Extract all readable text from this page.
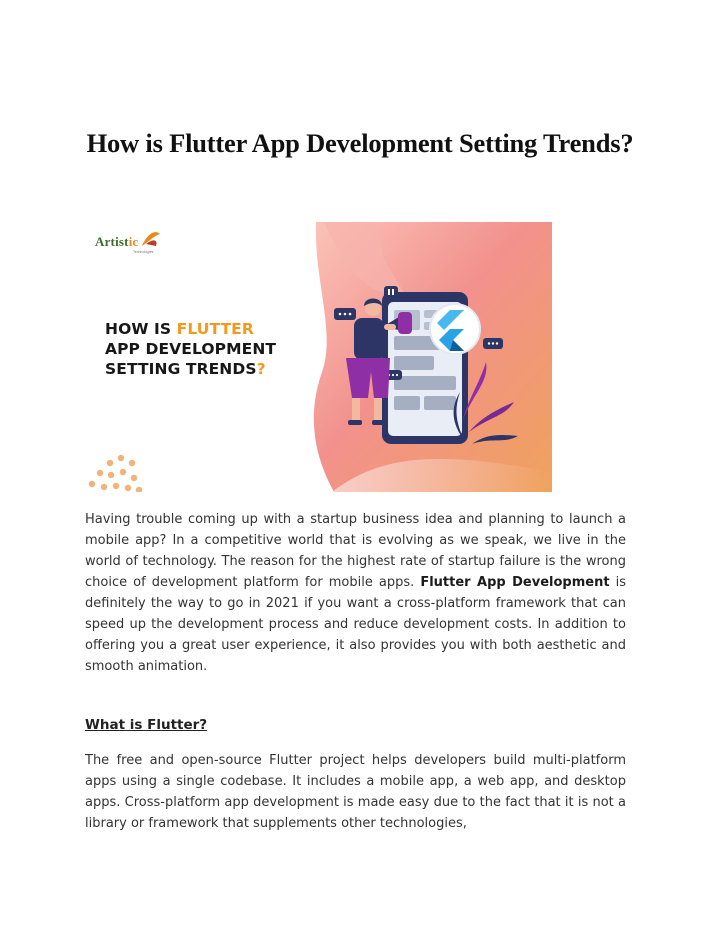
How is Flutter App Development Setting Trends?
Artistic
Technologies
HOW IS FLUTTER
APP DEVELOPMENT
SETTING TRENDS?

Having trouble coming up with a startup business idea and planning to launch a mobile app? In a competitive world that is evolving as we speak, we live in the world of technology. The reason for the highest rate of startup failure is the wrong choice of development platform for mobile apps. Flutter App Development is definitely the way to go in 2021 if you want a cross-platform framework that can speed up the development process and reduce development costs. In addition to offering you a great user experience, it also provides you with both aesthetic and smooth animation.

What is Flutter?

The free and open-source Flutter project helps developers build multi-platform apps using a single codebase. It includes a mobile app, a web app, and desktop apps. Cross-platform app development is made easy due to the fact that it is not a library or framework that supplements other technologies,
